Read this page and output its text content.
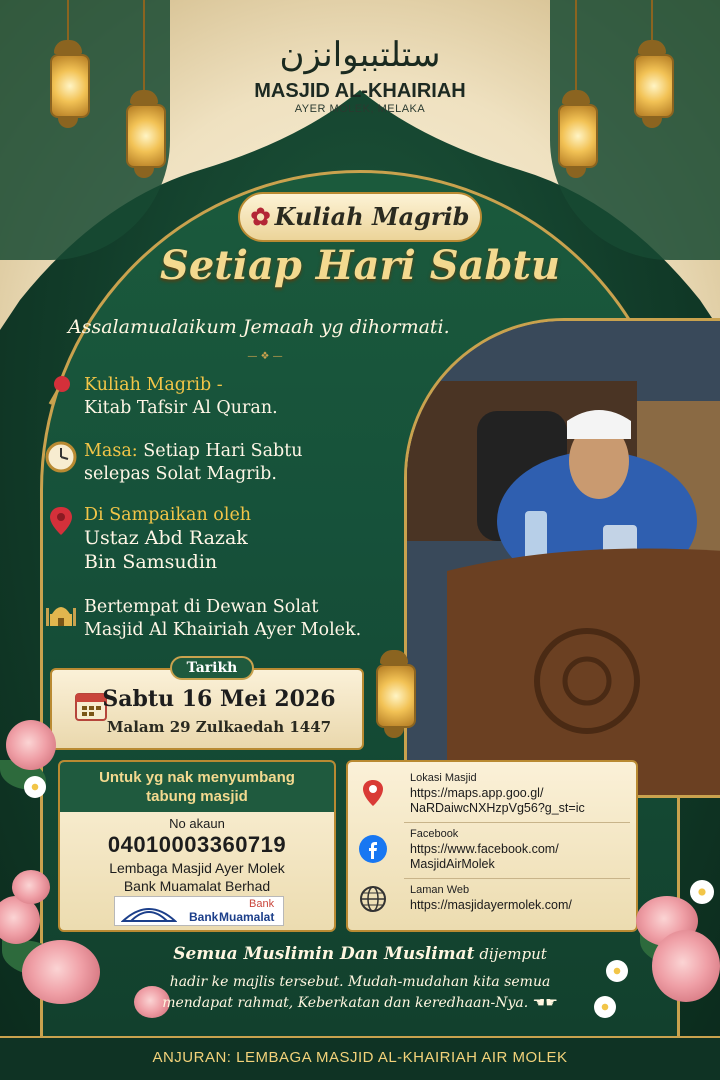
ﺳﺘﻠﺘﺒﺒﻮﺍﻧﺰﻥ
MASJID AL-KHAIRIAH
AYER MOLEK, MELAKA
✿ Kuliah Magrib
Setiap Hari Sabtu
Assalamualaikum Jemaah yg dihormati.
— ❖ —
Kuliah Magrib -
Kitab Tafsir Al Quran.
Masa: Setiap Hari Sabtu
selepas Solat Magrib.
Di Sampaikan oleh
Ustaz Abd Razak
Bin Samsudin
Bertempat di Dewan Solat
Masjid Al Khairiah Ayer Molek.
Tarikh
Sabtu 16 Mei 2026
Malam 29 Zulkaedah 1447
Untuk yg nak menyumbang
tabung masjid
No akaun
04010003360719
Lembaga Masjid Ayer Molek
Bank Muamalat Berhad
Bank Muamalat
Bank
Lokasi Masjid
https://maps.app.goo.gl/ NaRDaiwcNXHzpVg56?g_st=ic
Facebook
https://www.facebook.com/ MasjidAirMolek
Laman Web
https://masjidayermolek.com/
Semua Muslimin Dan Muslimat dijemput
hadir ke majlis tersebut. Mudah-mudahan kita semua
mendapat rahmat, Keberkatan dan keredhaan-Nya. ☚☛
ANJURAN: LEMBAGA MASJID AL-KHAIRIAH AIR MOLEK
